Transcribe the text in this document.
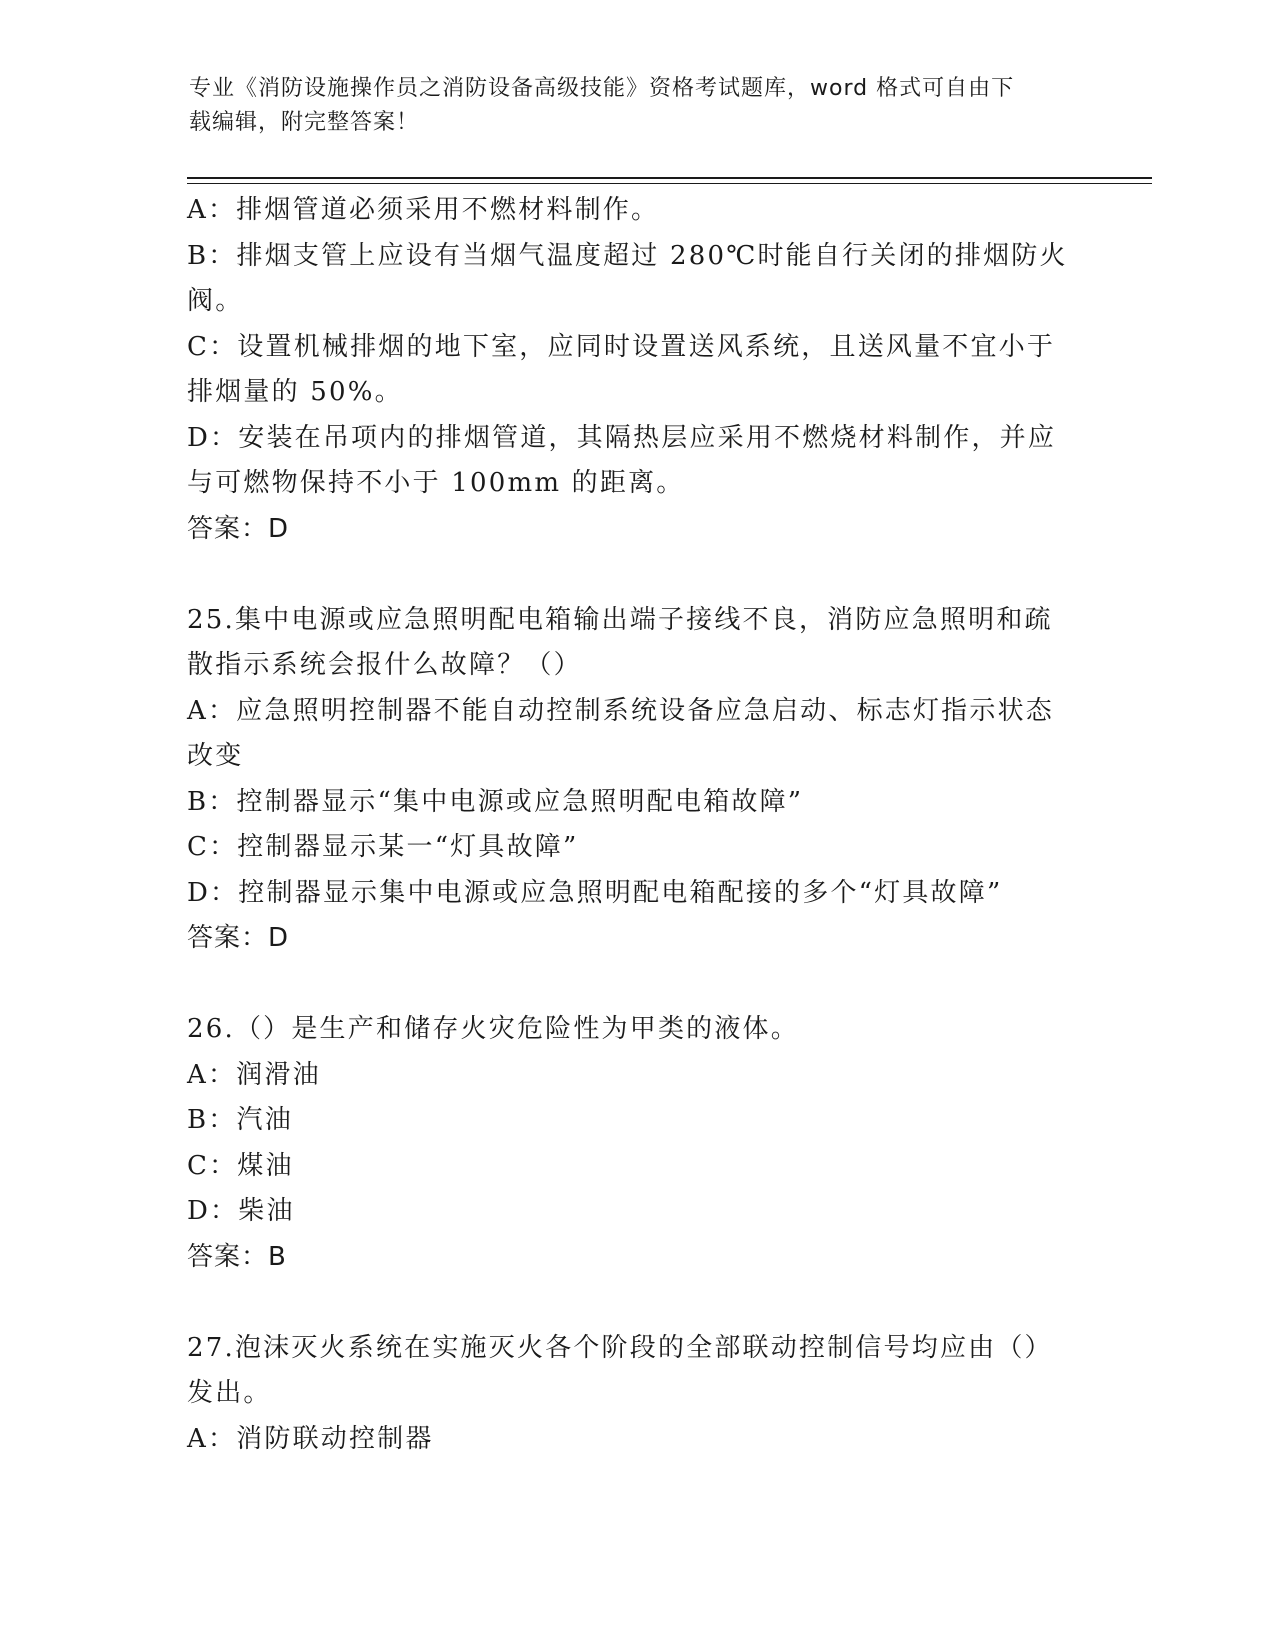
专业《消防设施操作员之消防设备高级技能》资格考试题库，word 格式可自由下
载编辑，附完整答案！
A：排烟管道必须采用不燃材料制作。
B：排烟支管上应设有当烟气温度超过 280℃时能自行关闭的排烟防火
阀。
C：设置机械排烟的地下室，应同时设置送风系统，且送风量不宜小于
排烟量的 50%。
D：安装在吊项内的排烟管道，其隔热层应采用不燃烧材料制作，并应
与可燃物保持不小于 100mm 的距离。
答案：D
25.集中电源或应急照明配电箱输出端子接线不良，消防应急照明和疏
散指示系统会报什么故障？（）
A：应急照明控制器不能自动控制系统设备应急启动、标志灯指示状态
改变
B：控制器显示“集中电源或应急照明配电箱故障”
C：控制器显示某一“灯具故障”
D：控制器显示集中电源或应急照明配电箱配接的多个“灯具故障”
答案：D
26.（）是生产和储存火灾危险性为甲类的液体。
A：润滑油
B：汽油
C：煤油
D：柴油
答案：B
27.泡沫灭火系统在实施灭火各个阶段的全部联动控制信号均应由（）
发出。
A：消防联动控制器
